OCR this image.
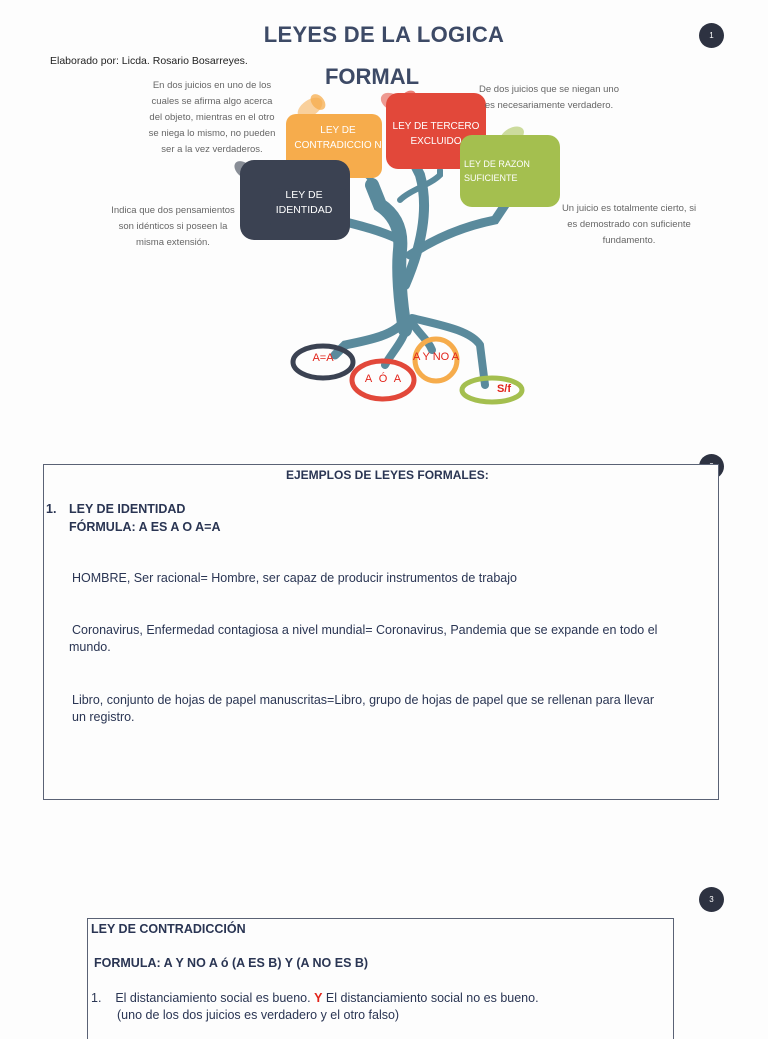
1
LEYES DE LA LOGICA
FORMAL
Elaborado por: Licda. Rosario Bosarreyes.
LEY DE CONTRADICCIO N
LEY DE TERCERO EXCLUIDO
LEY DE RAZON SUFICIENTE
LEY DE IDENTIDAD
A=A
A Ó A
A Y NO A
S/f
En dos juicios en uno de los cuales se afirma algo acerca del objeto, mientras en el otro se niega lo mismo, no pueden ser a la vez verdaderos.
De dos juicios que se niegan uno es necesariamente verdadero.
Indica que dos pensamientos son idénticos si poseen la misma extensión.
Un juicio es totalmente cierto, si es demostrado con suficiente fundamento.
EJEMPLOS DE LEYES FORMALES:
1. LEY DE IDENTIDAD
FÓRMULA: A ES A O A=A
HOMBRE, Ser racional= Hombre, ser capaz de producir instrumentos de trabajo
Coronavirus, Enfermedad contagiosa a nivel mundial= Coronavirus, Pandemia que se expande en todo el
mundo.
Libro, conjunto de hojas de papel manuscritas=Libro, grupo de hojas de papel que se rellenan para llevar
un registro.
3
LEY DE CONTRADICCIÓN
FORMULA: A Y NO A ó (A ES B) Y (A NO ES B)
1. El distanciamiento social es bueno. Y El distanciamiento social no es bueno.
(uno de los dos juicios es verdadero y el otro falso)
